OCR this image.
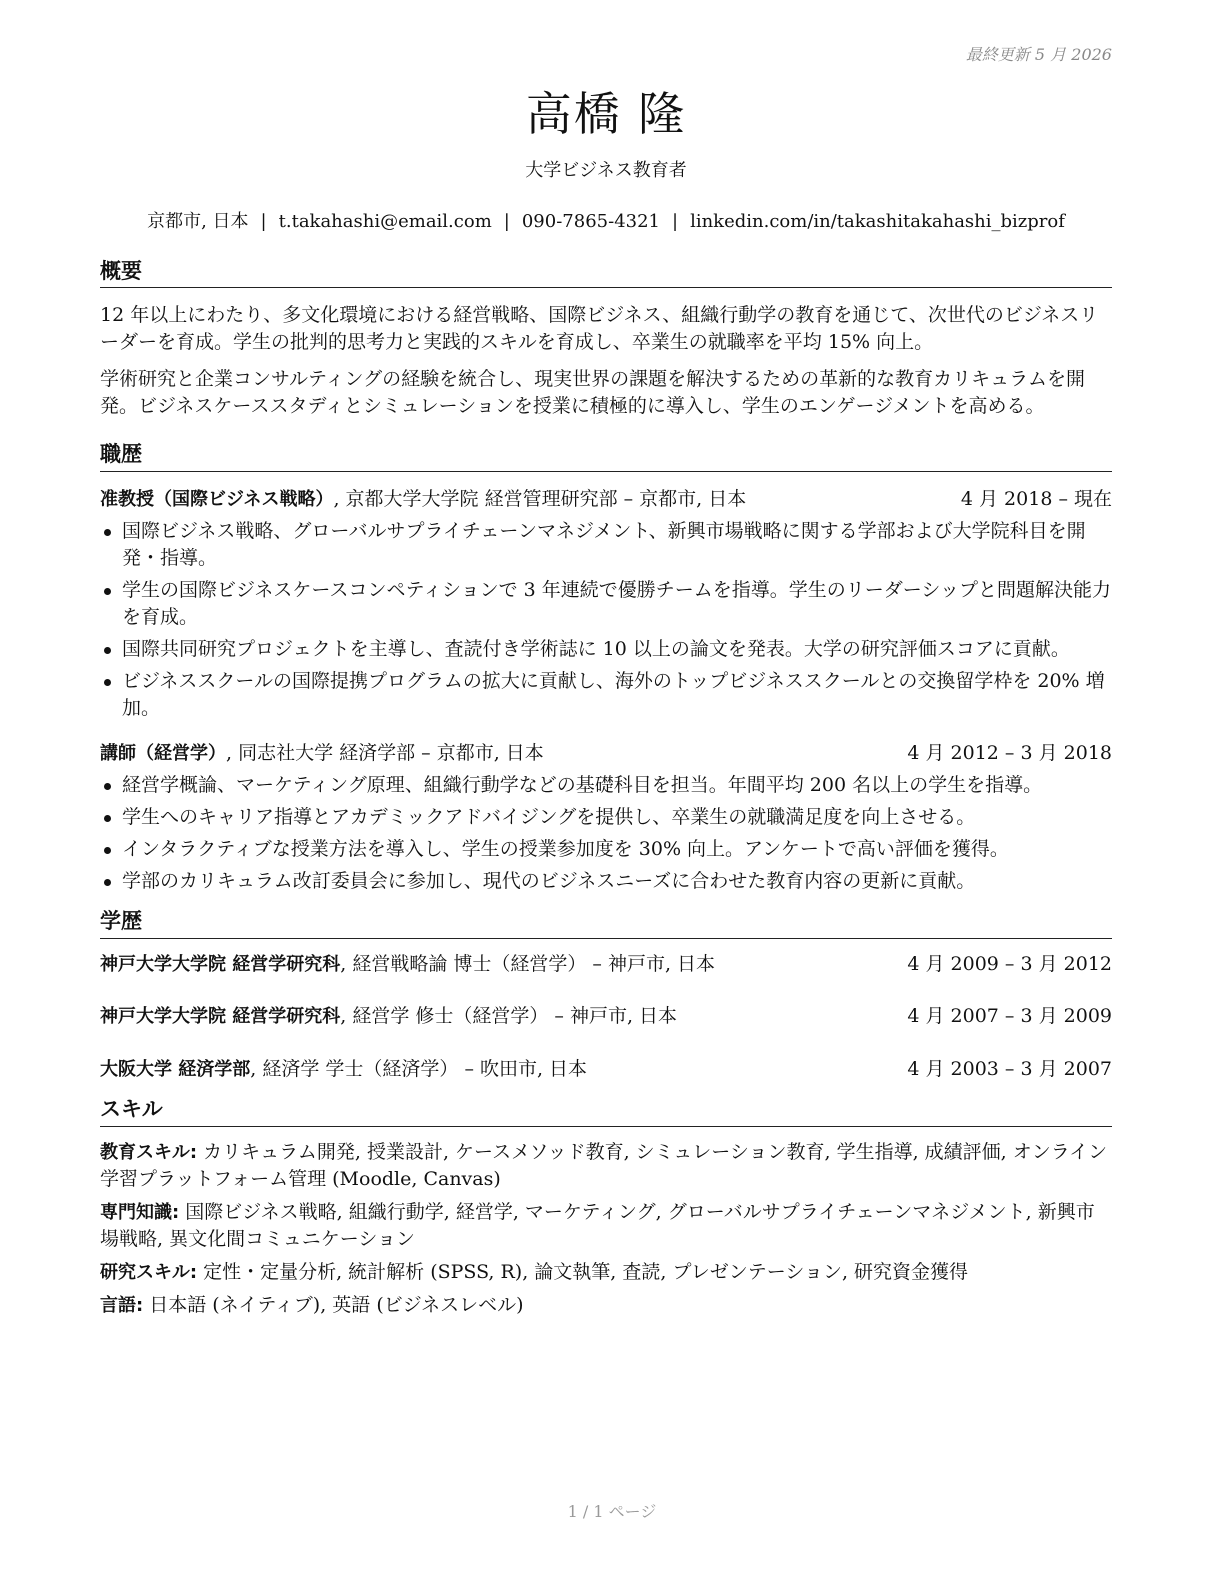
最終更新 5 月 2026
高橋 隆
大学ビジネス教育者
京都市, 日本 | t.takahashi@email.com | 090-7865-4321 | linkedin.com/in/takashitakahashi_bizprof
概要

12 年以上にわたり、多文化環境における経営戦略、国際ビジネス、組織行動学の教育を通じて、次世代のビジネスリーダーを育成。学生の批判的思考力と実践的スキルを育成し、卒業生の就職率を平均 15% 向上。

学術研究と企業コンサルティングの経験を統合し、現実世界の課題を解決するための革新的な教育カリキュラムを開発。ビジネスケーススタディとシミュレーションを授業に積極的に導入し、学生のエンゲージメントを高める。

職歴
准教授（国際ビジネス戦略）, 京都大学大学院 経営管理研究部 – 京都市, 日本	4 月 2018 – 現在
国際ビジネス戦略、グローバルサプライチェーンマネジメント、新興市場戦略に関する学部および大学院科目を開発・指導。
学生の国際ビジネスケースコンペティションで 3 年連続で優勝チームを指導。学生のリーダーシップと問題解決能力を育成。
国際共同研究プロジェクトを主導し、査読付き学術誌に 10 以上の論文を発表。大学の研究評価スコアに貢献。
ビジネススクールの国際提携プログラムの拡大に貢献し、海外のトップビジネススクールとの交換留学枠を 20% 増加。
講師（経営学）, 同志社大学 経済学部 – 京都市, 日本	4 月 2012 – 3 月 2018
経営学概論、マーケティング原理、組織行動学などの基礎科目を担当。年間平均 200 名以上の学生を指導。
学生へのキャリア指導とアカデミックアドバイジングを提供し、卒業生の就職満足度を向上させる。
インタラクティブな授業方法を導入し、学生の授業参加度を 30% 向上。アンケートで高い評価を獲得。
学部のカリキュラム改訂委員会に参加し、現代のビジネスニーズに合わせた教育内容の更新に貢献。
学歴
神戸大学大学院 経営学研究科, 経営戦略論 博士（経営学） – 神戸市, 日本	4 月 2009 – 3 月 2012
神戸大学大学院 経営学研究科, 経営学 修士（経営学） – 神戸市, 日本	4 月 2007 – 3 月 2009
大阪大学 経済学部, 経済学 学士（経済学） – 吹田市, 日本	4 月 2003 – 3 月 2007
スキル

教育スキル: カリキュラム開発, 授業設計, ケースメソッド教育, シミュレーション教育, 学生指導, 成績評価, オンライン学習プラットフォーム管理 (Moodle, Canvas)

専門知識: 国際ビジネス戦略, 組織行動学, 経営学, マーケティング, グローバルサプライチェーンマネジメント, 新興市場戦略, 異文化間コミュニケーション

研究スキル: 定性・定量分析, 統計解析 (SPSS, R), 論文執筆, 査読, プレゼンテーション, 研究資金獲得

言語: 日本語 (ネイティブ), 英語 (ビジネスレベル)

1 / 1 ページ
